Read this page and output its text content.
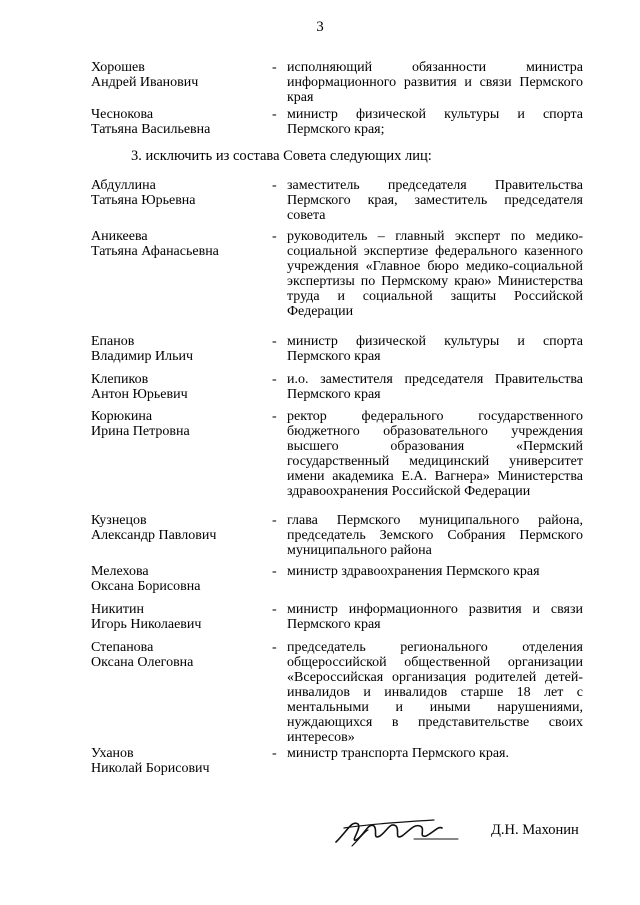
3
Хорошев
Андрей Иванович
- исполняющий обязанности министра информационного развития и связи Пермского края
Чеснокова
Татьяна Васильевна
- министр физической культуры и спорта Пермского края;
3. исключить из состава Совета следующих лиц:
Абдуллина
Татьяна Юрьевна
- заместитель председателя Правительства Пермского края, заместитель председателя совета
Аникеева
Татьяна Афанасьевна
- руководитель – главный эксперт по медико-социальной экспертизе федерального казенного учреждения «Главное бюро медико-социальной экспертизы по Пермскому краю» Министерства труда и социальной защиты Российской Федерации
Епанов
Владимир Ильич
- министр физической культуры и спорта Пермского края
Клепиков
Антон Юрьевич
- и.о. заместителя председателя Правительства Пермского края
Корюкина
Ирина Петровна
- ректор федерального государственного бюджетного образовательного учреждения высшего образования «Пермский государственный медицинский университет имени академика Е.А. Вагнера» Министерства здравоохранения Российской Федерации
Кузнецов
Александр Павлович
- глава Пермского муниципального района, председатель Земского Собрания Пермского муниципального района
Мелехова
Оксана Борисовна
- министр здравоохранения Пермского края
Никитин
Игорь Николаевич
- министр информационного развития и связи Пермского края
Степанова
Оксана Олеговна
- председатель регионального отделения общероссийской общественной организации «Всероссийская организация родителей детей-инвалидов и инвалидов старше 18 лет с ментальными и иными нарушениями, нуждающихся в представительстве своих интересов»
Уханов
Николай Борисович
- министр транспорта Пермского края.
Д.Н. Махонин
